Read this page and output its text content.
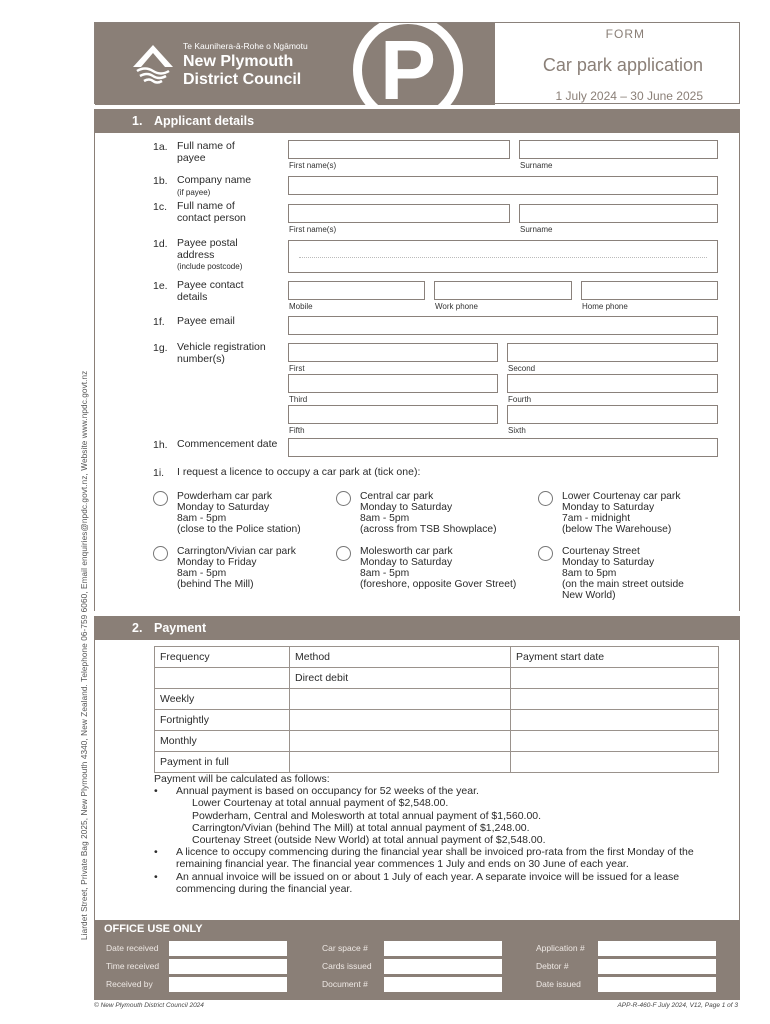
Liardet Street, Private Bag 2025, New Plymouth 4340, New Zealand. Telephone 06-759 6060, Email enquiries@npdc.govt.nz, Website www.npdc.govt.nz
Te Kaunihera-ā-Rohe o Ngāmotu
New Plymouth
District Council P	FORM
Car park application
1 July 2024 – 30 June 2025
1. Applicant details
1a. Full name of
payee
First name(s)	Surname
1b. Company name
(if payee)
1c. Full name of
contact person
First name(s)	Surname
1d. Payee postal
address
(include postcode)
1e. Payee contact
details
Mobile	Work phone	Home phone
1f. Payee email
1g. Vehicle registration
number(s)
First	Second
Third	Fourth
Fifth	Sixth
1h. Commencement date
1i. I request a licence to occupy a car park at (tick one):
Powderham car park
Monday to Saturday
8am - 5pm
(close to the Police station)
Central car park
Monday to Saturday
8am - 5pm
(across from TSB Showplace)
Lower Courtenay car park
Monday to Saturday
7am - midnight
(below The Warehouse)
Carrington/Vivian car park
Monday to Friday
8am - 5pm
(behind The Mill)
Molesworth car park
Monday to Saturday
8am - 5pm
(foreshore, opposite Gover Street)
Courtenay Street
Monday to Saturday
8am to 5pm
(on the main street outside
New World)
2. Payment
Frequency	Method	Payment start date
	Direct debit	
Weekly		
Fortnightly		
Monthly		
Payment in full		
Payment will be calculated as follows:
• Annual payment is based on occupancy for 52 weeks of the year.
Lower Courtenay at total annual payment of $2,548.00.
Powderham, Central and Molesworth at total annual payment of $1,560.00.
Carrington/Vivian (behind The Mill) at total annual payment of $1,248.00.
Courtenay Street (outside New World) at total annual payment of $2,548.00.
• A licence to occupy commencing during the financial year shall be invoiced pro-rata from the first Monday of the remaining financial year. The financial year commences 1 July and ends on 30 June of each year.
• An annual invoice will be issued on or about 1 July of each year. A separate invoice will be issued for a lease commencing during the financial year.
OFFICE USE ONLY
Date received	Car space #	Application #
Time received	Cards issued	Debtor #
Received by	Document #	Date issued
© New Plymouth District Council 2024	APP-R-460-F July 2024, V12, Page 1 of 3
